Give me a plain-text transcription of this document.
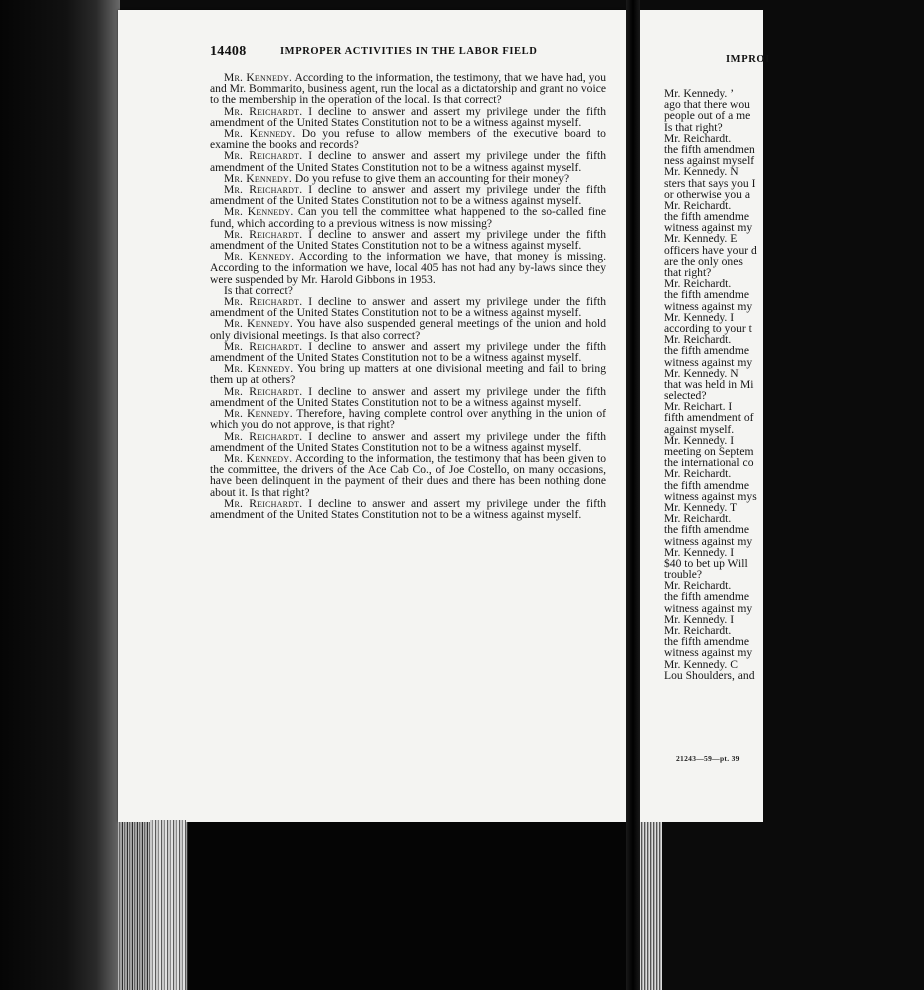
14408	IMPROPER ACTIVITIES IN THE LABOR FIELD

Mr. Kennedy. According to the information, the testimony, that we have had, you and Mr. Bommarito, business agent, run the local as a dictatorship and grant no voice to the membership in the operation of the local. Is that correct?

Mr. Reichardt. I decline to answer and assert my privilege under the fifth amendment of the United States Constitution not to be a witness against myself.

Mr. Kennedy. Do you refuse to allow members of the executive board to examine the books and records?

Mr. Reichardt. I decline to answer and assert my privilege under the fifth amendment of the United States Constitution not to be a witness against myself.

Mr. Kennedy. Do you refuse to give them an accounting for their money?

Mr. Reichardt. I decline to answer and assert my privilege under the fifth amendment of the United States Constitution not to be a witness against myself.

Mr. Kennedy. Can you tell the committee what happened to the so-called fine fund, which according to a previous witness is now missing?

Mr. Reichardt. I decline to answer and assert my privilege under the fifth amendment of the United States Constitution not to be a witness against myself.

Mr. Kennedy. According to the information we have, that money is missing. According to the information we have, local 405 has not had any by-laws since they were suspended by Mr. Harold Gibbons in 1953.

Is that correct?

Mr. Reichardt. I decline to answer and assert my privilege under the fifth amendment of the United States Constitution not to be a witness against myself.

Mr. Kennedy. You have also suspended general meetings of the union and hold only divisional meetings. Is that also correct?

Mr. Reichardt. I decline to answer and assert my privilege under the fifth amendment of the United States Constitution not to be a witness against myself.

Mr. Kennedy. You bring up matters at one divisional meeting and fail to bring them up at others?

Mr. Reichardt. I decline to answer and assert my privilege under the fifth amendment of the United States Constitution not to be a witness against myself.

Mr. Kennedy. Therefore, having complete control over anything in the union of which you do not approve, is that right?

Mr. Reichardt. I decline to answer and assert my privilege under the fifth amendment of the United States Constitution not to be a witness against myself.

Mr. Kennedy. According to the information, the testimony that has been given to the committee, the drivers of the Ace Cab Co., of Joe Costello, on many occasions, have been delinquent in the payment of their dues and there has been nothing done about it. Is that right?

Mr. Reichardt. I decline to answer and assert my privilege under the fifth amendment of the United States Constitution not to be a witness against myself.

IMPROI
Mr. Kennedy. ’
ago that there wou
people out of a me
Is that right?
Mr. Reichardt.
the fifth amendmen
ness against myself
Mr. Kennedy. N
sters that says you I
or otherwise you a
Mr. Reichardt.
the fifth amendme
witness against my
Mr. Kennedy. E
officers have your d
are the only ones
that right?
Mr. Reichardt.
the fifth amendme
witness against my
Mr. Kennedy. I
according to your t
Mr. Reichardt.
the fifth amendme
witness against my
Mr. Kennedy. N
that was held in Mi
selected?
Mr. Reichart. I
fifth amendment of
against myself.
Mr. Kennedy. I
meeting on Septem
the international co
Mr. Reichardt.
the fifth amendme
witness against mys
Mr. Kennedy. T
Mr. Reichardt.
the fifth amendme
witness against my
Mr. Kennedy. I
$40 to bet up Will
trouble?
Mr. Reichardt.
the fifth amendme
witness against my
Mr. Kennedy. I
Mr. Reichardt.
the fifth amendme
witness against my
Mr. Kennedy. C
Lou Shoulders, and
21243—59—pt. 39
